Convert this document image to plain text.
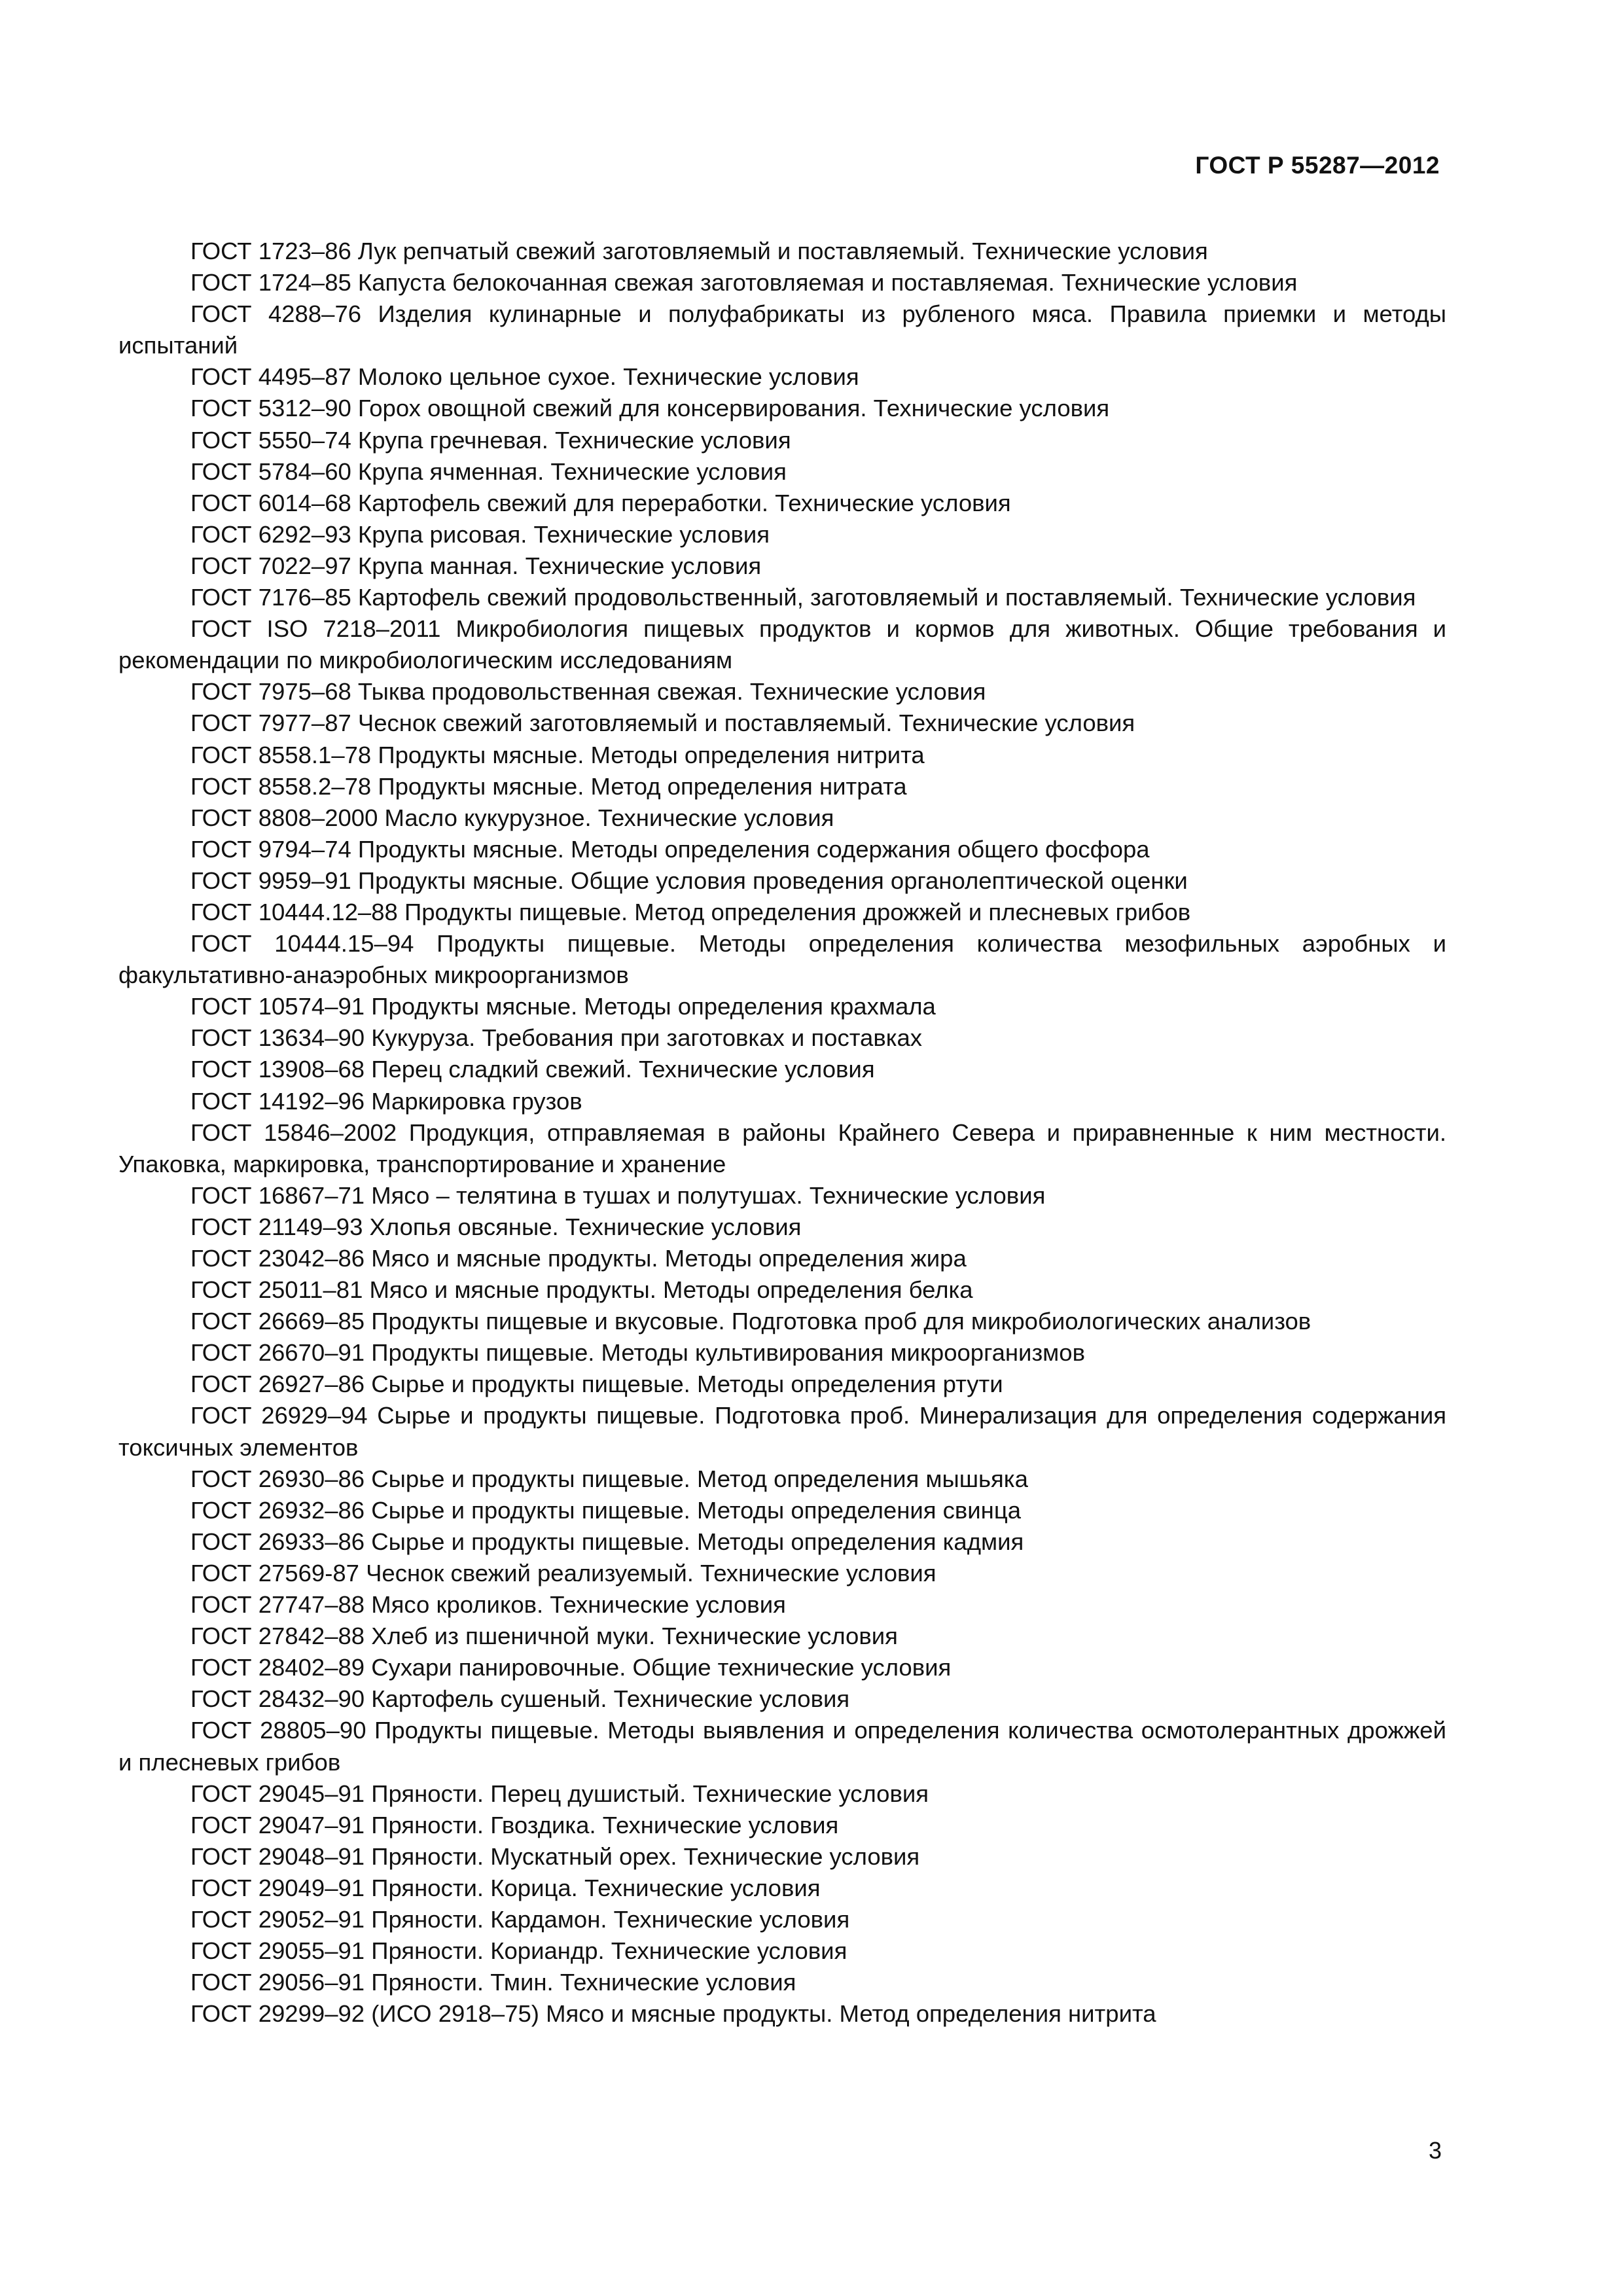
ГОСТ Р 55287—2012
ГОСТ 1723–86 Лук репчатый свежий заготовляемый и поставляемый. Технические условия
ГОСТ 1724–85 Капуста белокочанная свежая заготовляемая и поставляемая. Технические условия
ГОСТ 4288–76 Изделия кулинарные и полуфабрикаты из рубленого мяса. Правила приемки и методы испытаний
ГОСТ 4495–87 Молоко цельное сухое. Технические условия
ГОСТ 5312–90 Горох овощной свежий для консервирования. Технические условия
ГОСТ 5550–74 Крупа гречневая. Технические условия
ГОСТ 5784–60 Крупа ячменная. Технические условия
ГОСТ 6014–68 Картофель свежий для переработки. Технические условия
ГОСТ 6292–93 Крупа рисовая. Технические условия
ГОСТ 7022–97 Крупа манная. Технические условия
ГОСТ 7176–85 Картофель свежий продовольственный, заготовляемый и поставляемый. Технические условия
ГОСТ ISO 7218–2011 Микробиология пищевых продуктов и кормов для животных. Общие требования и рекомендации по микробиологическим исследованиям
ГОСТ 7975–68 Тыква продовольственная свежая. Технические условия
ГОСТ 7977–87 Чеснок свежий заготовляемый и поставляемый. Технические условия
ГОСТ 8558.1–78 Продукты мясные. Методы определения нитрита
ГОСТ 8558.2–78 Продукты мясные. Метод определения нитрата
ГОСТ 8808–2000 Масло кукурузное. Технические условия
ГОСТ 9794–74 Продукты мясные. Методы определения содержания общего фосфора
ГОСТ 9959–91 Продукты мясные. Общие условия проведения органолептической оценки
ГОСТ 10444.12–88 Продукты пищевые. Метод определения дрожжей и плесневых грибов
ГОСТ 10444.15–94 Продукты пищевые. Методы определения количества мезофильных аэробных и факультативно-анаэробных микроорганизмов
ГОСТ 10574–91 Продукты мясные. Методы определения крахмала
ГОСТ 13634–90 Кукуруза. Требования при заготовках и поставках
ГОСТ 13908–68 Перец сладкий свежий. Технические условия
ГОСТ 14192–96 Маркировка грузов
ГОСТ 15846–2002 Продукция, отправляемая в районы Крайнего Севера и приравненные к ним местности. Упаковка, маркировка, транспортирование и хранение
ГОСТ 16867–71 Мясо – телятина в тушах и полутушах. Технические условия
ГОСТ 21149–93 Хлопья овсяные. Технические условия
ГОСТ 23042–86 Мясо и мясные продукты. Методы определения жира
ГОСТ 25011–81 Мясо и мясные продукты. Методы определения белка
ГОСТ 26669–85 Продукты пищевые и вкусовые. Подготовка проб для микробиологических анализов
ГОСТ 26670–91 Продукты пищевые. Методы культивирования микроорганизмов
ГОСТ 26927–86 Сырье и продукты пищевые. Методы определения ртути
ГОСТ 26929–94 Сырье и продукты пищевые. Подготовка проб. Минерализация для определения содержания токсичных элементов
ГОСТ 26930–86 Сырье и продукты пищевые. Метод определения мышьяка
ГОСТ 26932–86 Сырье и продукты пищевые. Методы определения свинца
ГОСТ 26933–86 Сырье и продукты пищевые. Методы определения кадмия
ГОСТ 27569-87 Чеснок свежий реализуемый. Технические условия
ГОСТ 27747–88 Мясо кроликов. Технические условия
ГОСТ 27842–88 Хлеб из пшеничной муки. Технические условия
ГОСТ 28402–89 Сухари панировочные. Общие технические условия
ГОСТ 28432–90 Картофель сушеный. Технические условия
ГОСТ 28805–90 Продукты пищевые. Методы выявления и определения количества осмотолерантных дрожжей и плесневых грибов
ГОСТ 29045–91 Пряности. Перец душистый. Технические условия
ГОСТ 29047–91 Пряности. Гвоздика. Технические условия
ГОСТ 29048–91 Пряности. Мускатный орех. Технические условия
ГОСТ 29049–91 Пряности. Корица. Технические условия
ГОСТ 29052–91 Пряности. Кардамон. Технические условия
ГОСТ 29055–91 Пряности. Кориандр. Технические условия
ГОСТ 29056–91 Пряности. Тмин. Технические условия
ГОСТ 29299–92 (ИСО 2918–75) Мясо и мясные продукты. Метод определения нитрита
3
